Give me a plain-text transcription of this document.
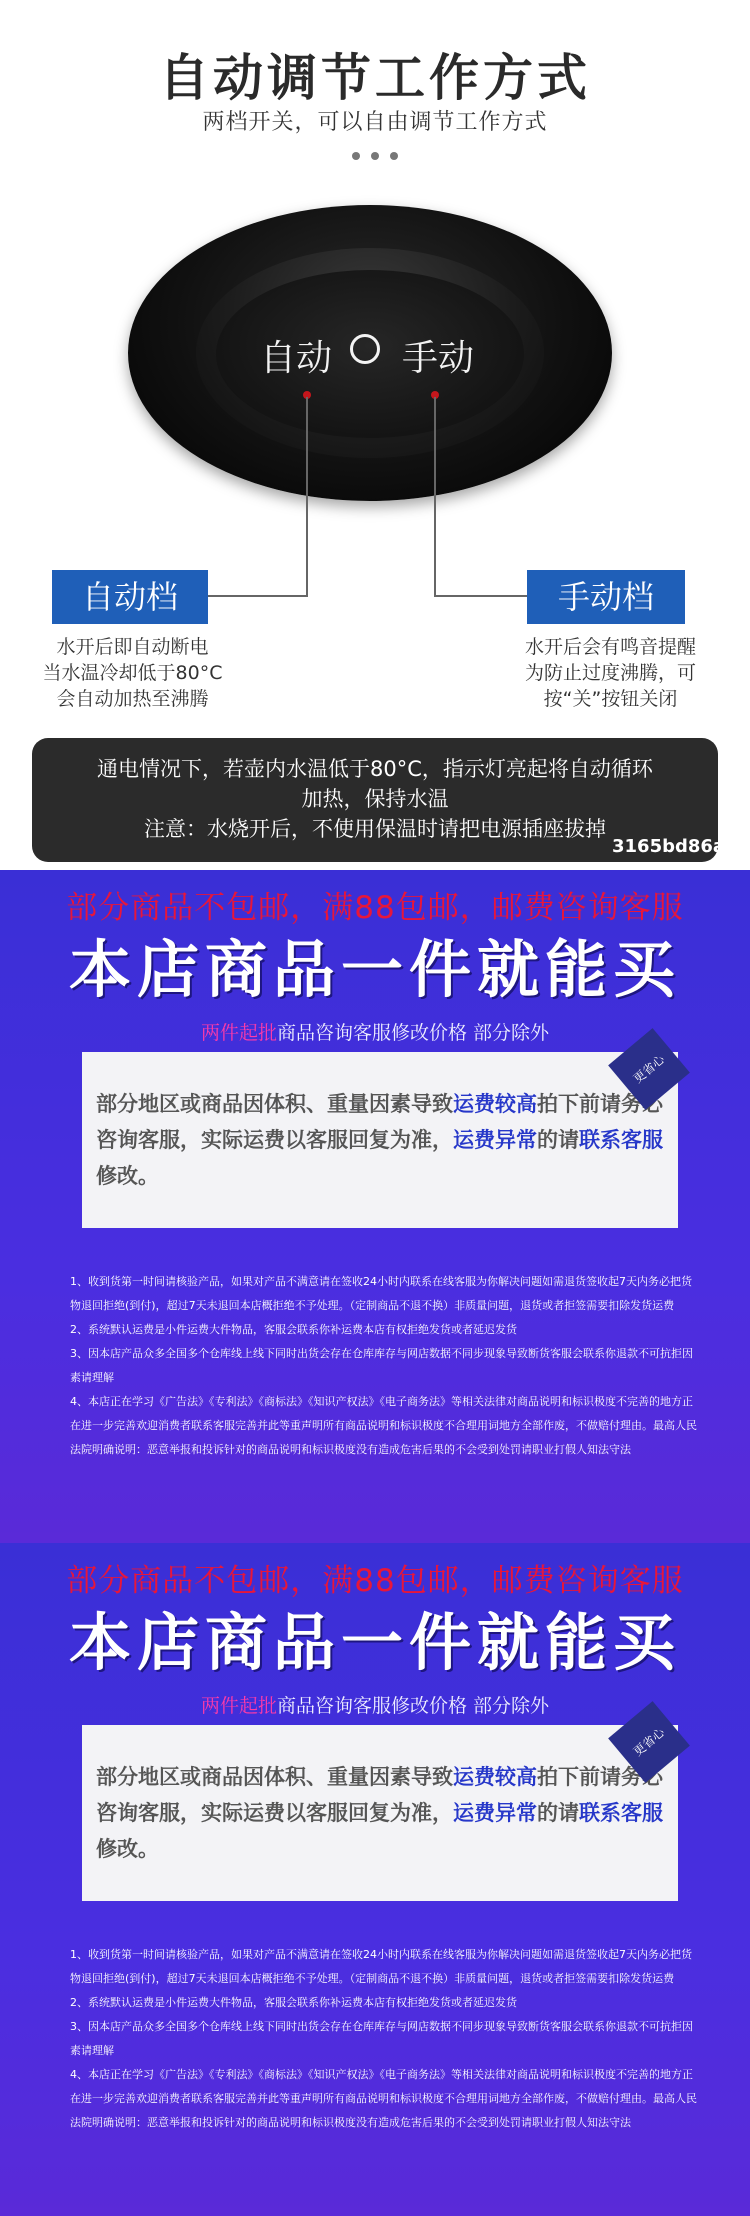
自动调节工作方式
两档开关，可以自由调节工作方式
自动 手动
自动档	手动档
水开后即自动断电
当水温冷却低于80°C
会自动加热至沸腾
水开后会有鸣音提醒
为防止过度沸腾，可
按“关”按钮关闭
通电情况下，若壶内水温低于80°C，指示灯亮起将自动循环
加热，保持水温
注意：水烧开后，不使用保温时请把电源插座拔掉
3165bd86a
部分商品不包邮，满88包邮，邮费咨询客服
本店商品一件就能买
两件起批商品咨询客服修改价格 部分除外
部分地区或商品因体积、重量因素导致运费较高拍下前请务必咨询客服，实际运费以客服回复为准，运费异常的请联系客服修改。
更省心
1、收到货第一时间请核验产品，如果对产品不满意请在签收24小时内联系在线客服为你解决问题如需退货签收起7天内务必把货物退回拒绝(到付)，超过7天未退回本店概拒绝不予处理。（定制商品不退不换）非质量问题，退货或者拒签需要扣除发货运费
2、系统默认运费是小件运费大件物品，客服会联系你补运费本店有权拒绝发货或者延迟发货
3、因本店产品众多全国多个仓库线上线下同时出货会存在仓库库存与网店数据不同步现象导致断货客服会联系你退款不可抗拒因素请理解
4、本店正在学习《广告法》《专利法》《商标法》《知识产权法》《电子商务法》等相关法律对商品说明和标识极度不完善的地方正在进一步完善欢迎消费者联系客服完善并此等重声明所有商品说明和标识极度不合理用词地方全部作废，不做赔付理由。最高人民法院明确说明：恶意举报和投诉针对的商品说明和标识极度没有造成危害后果的不会受到处罚请职业打假人知法守法
部分商品不包邮，满88包邮，邮费咨询客服
本店商品一件就能买
两件起批商品咨询客服修改价格 部分除外
部分地区或商品因体积、重量因素导致运费较高拍下前请务必咨询客服，实际运费以客服回复为准，运费异常的请联系客服修改。
更省心
1、收到货第一时间请核验产品，如果对产品不满意请在签收24小时内联系在线客服为你解决问题如需退货签收起7天内务必把货物退回拒绝(到付)，超过7天未退回本店概拒绝不予处理。（定制商品不退不换）非质量问题，退货或者拒签需要扣除发货运费
2、系统默认运费是小件运费大件物品，客服会联系你补运费本店有权拒绝发货或者延迟发货
3、因本店产品众多全国多个仓库线上线下同时出货会存在仓库库存与网店数据不同步现象导致断货客服会联系你退款不可抗拒因素请理解
4、本店正在学习《广告法》《专利法》《商标法》《知识产权法》《电子商务法》等相关法律对商品说明和标识极度不完善的地方正在进一步完善欢迎消费者联系客服完善并此等重声明所有商品说明和标识极度不合理用词地方全部作废，不做赔付理由。最高人民法院明确说明：恶意举报和投诉针对的商品说明和标识极度没有造成危害后果的不会受到处罚请职业打假人知法守法
